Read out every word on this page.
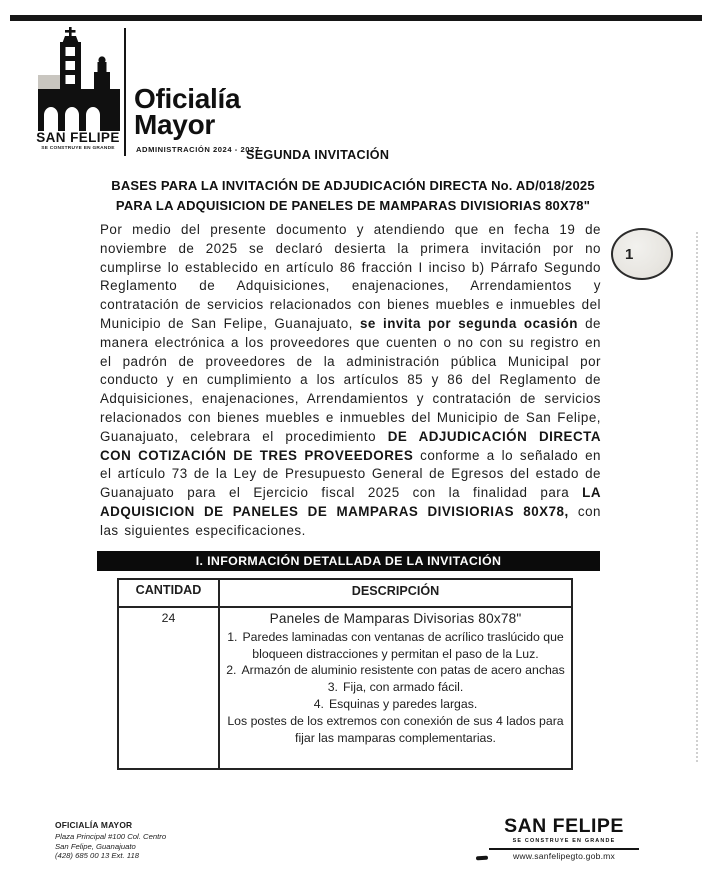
SAN FELIPE
SE CONSTRUYE EN GRANDE
Oficialía
Mayor
ADMINISTRACIÓN 2024 - 2027
SEGUNDA INVITACIÓN
BASES PARA LA INVITACIÓN DE ADJUDICACIÓN DIRECTA No. AD/018/2025
PARA LA ADQUISICION DE PANELES DE MAMPARAS DIVISIORIAS 80X78"
1

Por medio del presente documento y atendiendo que en fecha 19 de noviembre de 2025 se declaró desierta la primera invitación por no cumplirse lo establecido en artículo 86 fracción I inciso b) Párrafo Segundo Reglamento de Adquisiciones, enajenaciones, Arrendamientos y contratación de servicios relacionados con bienes muebles e inmuebles del Municipio de San Felipe, Guanajuato, se invita por segunda ocasión de manera electrónica a los proveedores que cuenten o no con su registro en el padrón de proveedores de la administración pública Municipal por conducto y en cumplimiento a los artículos 85 y 86 del Reglamento de Adquisiciones, enajenaciones, Arrendamientos y contratación de servicios relacionados con bienes muebles e inmuebles del Municipio de San Felipe, Guanajuato, celebrara el procedimiento DE ADJUDICACIÓN DIRECTA CON COTIZACIÓN DE TRES PROVEEDORES conforme a lo señalado en el artículo 73 de la Ley de Presupuesto General de Egresos del estado de Guanajuato para el Ejercicio fiscal 2025 con la finalidad para LA ADQUISICION DE PANELES DE MAMPARAS DIVISIORIAS 80X78, con las siguientes especificaciones.

I. INFORMACIÓN DETALLADA DE LA INVITACIÓN
CANTIDAD	DESCRIPCIÓN
24	Paneles de Mamparas Divisorias 80x78"
1. Paredes laminadas con ventanas de acrílico traslúcido que bloqueen distracciones y permitan el paso de la Luz.
2. Armazón de aluminio resistente con patas de acero anchas
3. Fija, con armado fácil.
4. Esquinas y paredes largas.
Los postes de los extremos con conexión de sus 4 lados para fijar las mamparas complementarias.
OFICIALÍA MAYOR
Plaza Principal #100 Col. Centro
San Felipe, Guanajuato
(428) 685 00 13 Ext. 118
SAN FELIPE
SE CONSTRUYE EN GRANDE
www.sanfelipegto.gob.mx
